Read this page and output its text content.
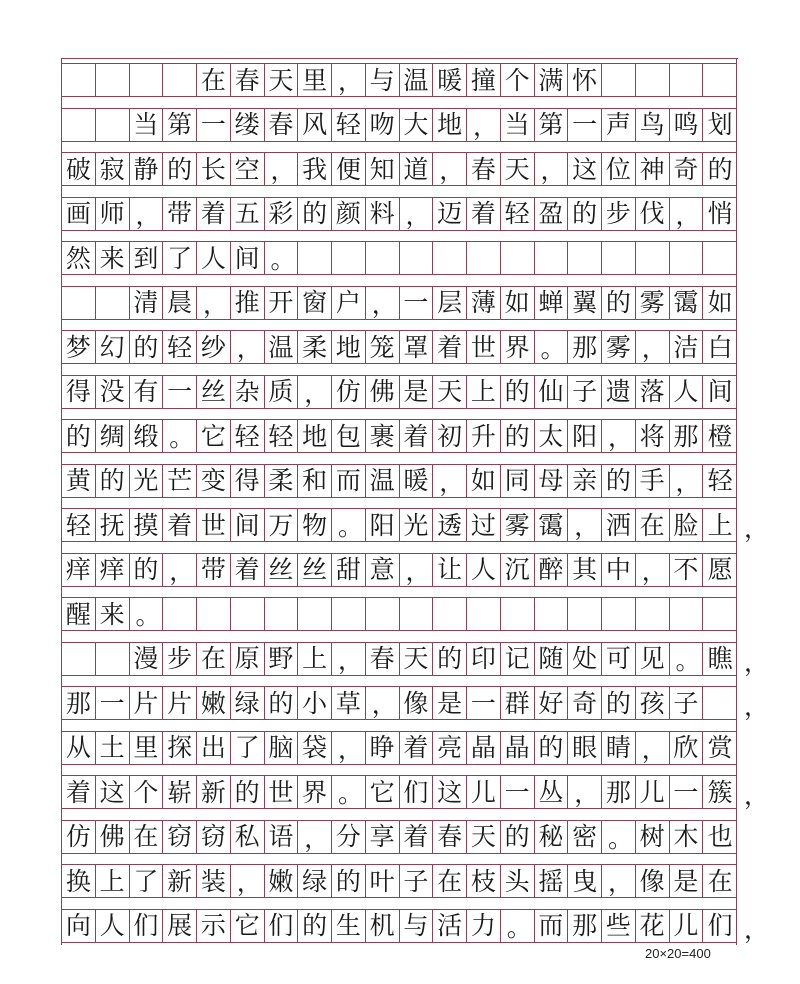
在 春 天 里 ， 与 温 暖 撞 个 满 怀
当 第 一 缕 春 风 轻 吻 大 地 ， 当 第 一 声 鸟 鸣 划
破 寂 静 的 长 空 ， 我 便 知 道 ， 春 天 ， 这 位 神 奇 的
画 师 ， 带 着 五 彩 的 颜 料 ， 迈 着 轻 盈 的 步 伐 ， 悄
然 来 到 了 人 间 。
清 晨 ， 推 开 窗 户 ， 一 层 薄 如 蝉 翼 的 雾 霭 如
梦 幻 的 轻 纱 ， 温 柔 地 笼 罩 着 世 界 。 那 雾 ， 洁 白
得 没 有 一 丝 杂 质 ， 仿 佛 是 天 上 的 仙 子 遗 落 人 间
的 绸 缎 。 它 轻 轻 地 包 裹 着 初 升 的 太 阳 ， 将 那 橙
黄 的 光 芒 变 得 柔 和 而 温 暖 ， 如 同 母 亲 的 手 ， 轻
轻 抚 摸 着 世 间 万 物 。 阳 光 透 过 雾 霭 ， 洒 在 脸 上 ，
痒 痒 的 ， 带 着 丝 丝 甜 意 ， 让 人 沉 醉 其 中 ， 不 愿
醒 来 。
漫 步 在 原 野 上 ， 春 天 的 印 记 随 处 可 见 。 瞧 ，
那 一 片 片 嫩 绿 的 小 草 ， 像 是 一 群 好 奇 的 孩 子 ，
从 土 里 探 出 了 脑 袋 ， 睁 着 亮 晶 晶 的 眼 睛 ， 欣 赏
着 这 个 崭 新 的 世 界 。 它 们 这 儿 一 丛 ， 那 儿 一 簇 ，
仿 佛 在 窃 窃 私 语 ， 分 享 着 春 天 的 秘 密 。 树 木 也
换 上 了 新 装 ， 嫩 绿 的 叶 子 在 枝 头 摇 曳 ， 像 是 在
向 人 们 展 示 它 们 的 生 机 与 活 力 。 而 那 些 花 儿 们 ，
20×20=400
